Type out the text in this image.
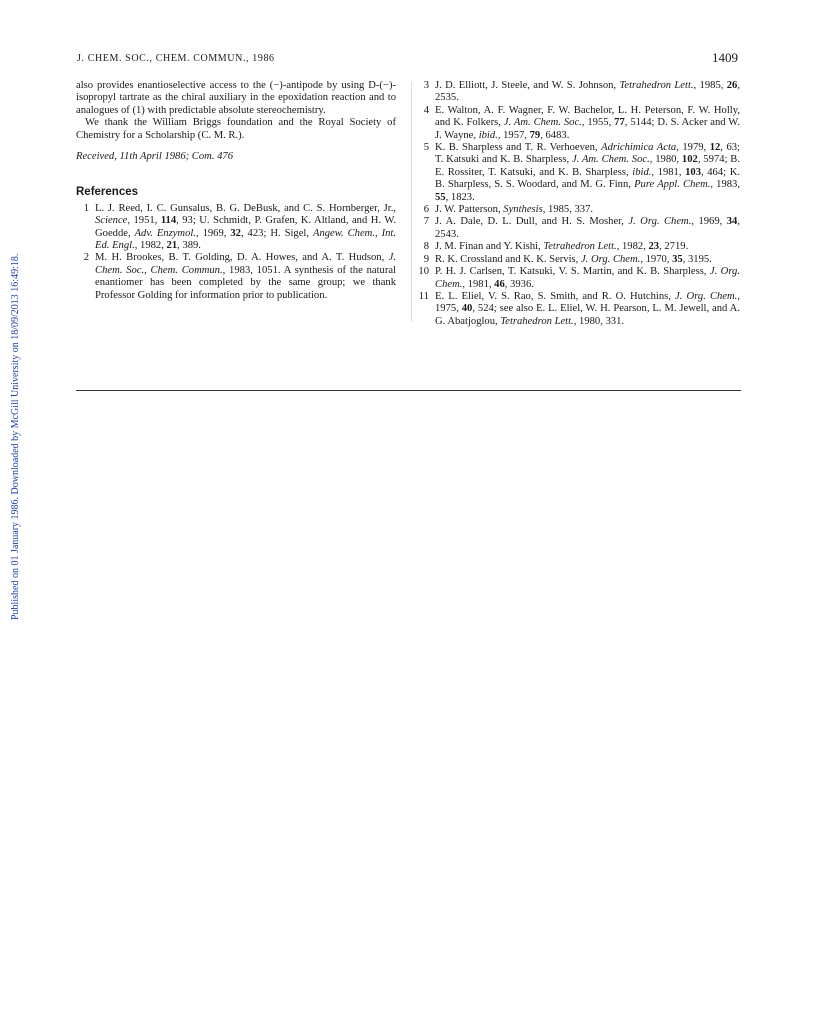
J. CHEM. SOC., CHEM. COMMUN., 1986	1409
Published on 01 January 1986. Downloaded by McGill University on 18/09/2013 16:49:18.

also provides enantioselective access to the (−)-antipode by using D-(−)-isopropyl tartrate as the chiral auxiliary in the epoxidation reaction and to analogues of (1) with predictable absolute stereochemistry.

We thank the William Briggs foundation and the Royal Society of Chemistry for a Scholarship (C. M. R.).

Received, 11th April 1986; Com. 476

References
1 L. J. Reed, I. C. Gunsalus, B. G. DeBusk, and C. S. Hornberger, Jr., Science, 1951, 114, 93; U. Schmidt, P. Grafen, K. Altland, and H. W. Goedde, Adv. Enzymol., 1969, 32, 423; H. Sigel, Angew. Chem., Int. Ed. Engl., 1982, 21, 389.
2 M. H. Brookes, B. T. Golding, D. A. Howes, and A. T. Hudson, J. Chem. Soc., Chem. Commun., 1983, 1051. A synthesis of the natural enantiomer has been completed by the same group; we thank Professor Golding for information prior to publication.
3 J. D. Elliott, J. Steele, and W. S. Johnson, Tetrahedron Lett., 1985, 26, 2535.
4 E. Walton, A. F. Wagner, F. W. Bachelor, L. H. Peterson, F. W. Holly, and K. Folkers, J. Am. Chem. Soc., 1955, 77, 5144; D. S. Acker and W. J. Wayne, ibid., 1957, 79, 6483.
5 K. B. Sharpless and T. R. Verhoeven, Adrichimica Acta, 1979, 12, 63; T. Katsuki and K. B. Sharpless, J. Am. Chem. Soc., 1980, 102, 5974; B. E. Rossiter, T. Katsuki, and K. B. Sharpless, ibid., 1981, 103, 464; K. B. Sharpless, S. S. Woodard, and M. G. Finn, Pure Appl. Chem., 1983, 55, 1823.
6 J. W. Patterson, Synthesis, 1985, 337.
7 J. A. Dale, D. L. Dull, and H. S. Mosher, J. Org. Chem., 1969, 34, 2543.
8 J. M. Finan and Y. Kishi, Tetrahedron Lett., 1982, 23, 2719.
9 R. K. Crossland and K. K. Servis, J. Org. Chem., 1970, 35, 3195.
10 P. H. J. Carlsen, T. Katsuki, V. S. Martin, and K. B. Sharpless, J. Org. Chem., 1981, 46, 3936.
11 E. L. Eliel, V. S. Rao, S. Smith, and R. O. Hutchins, J. Org. Chem., 1975, 40, 524; see also E. L. Eliel, W. H. Pearson, L. M. Jewell, and A. G. Abatjoglou, Tetrahedron Lett., 1980, 331.
